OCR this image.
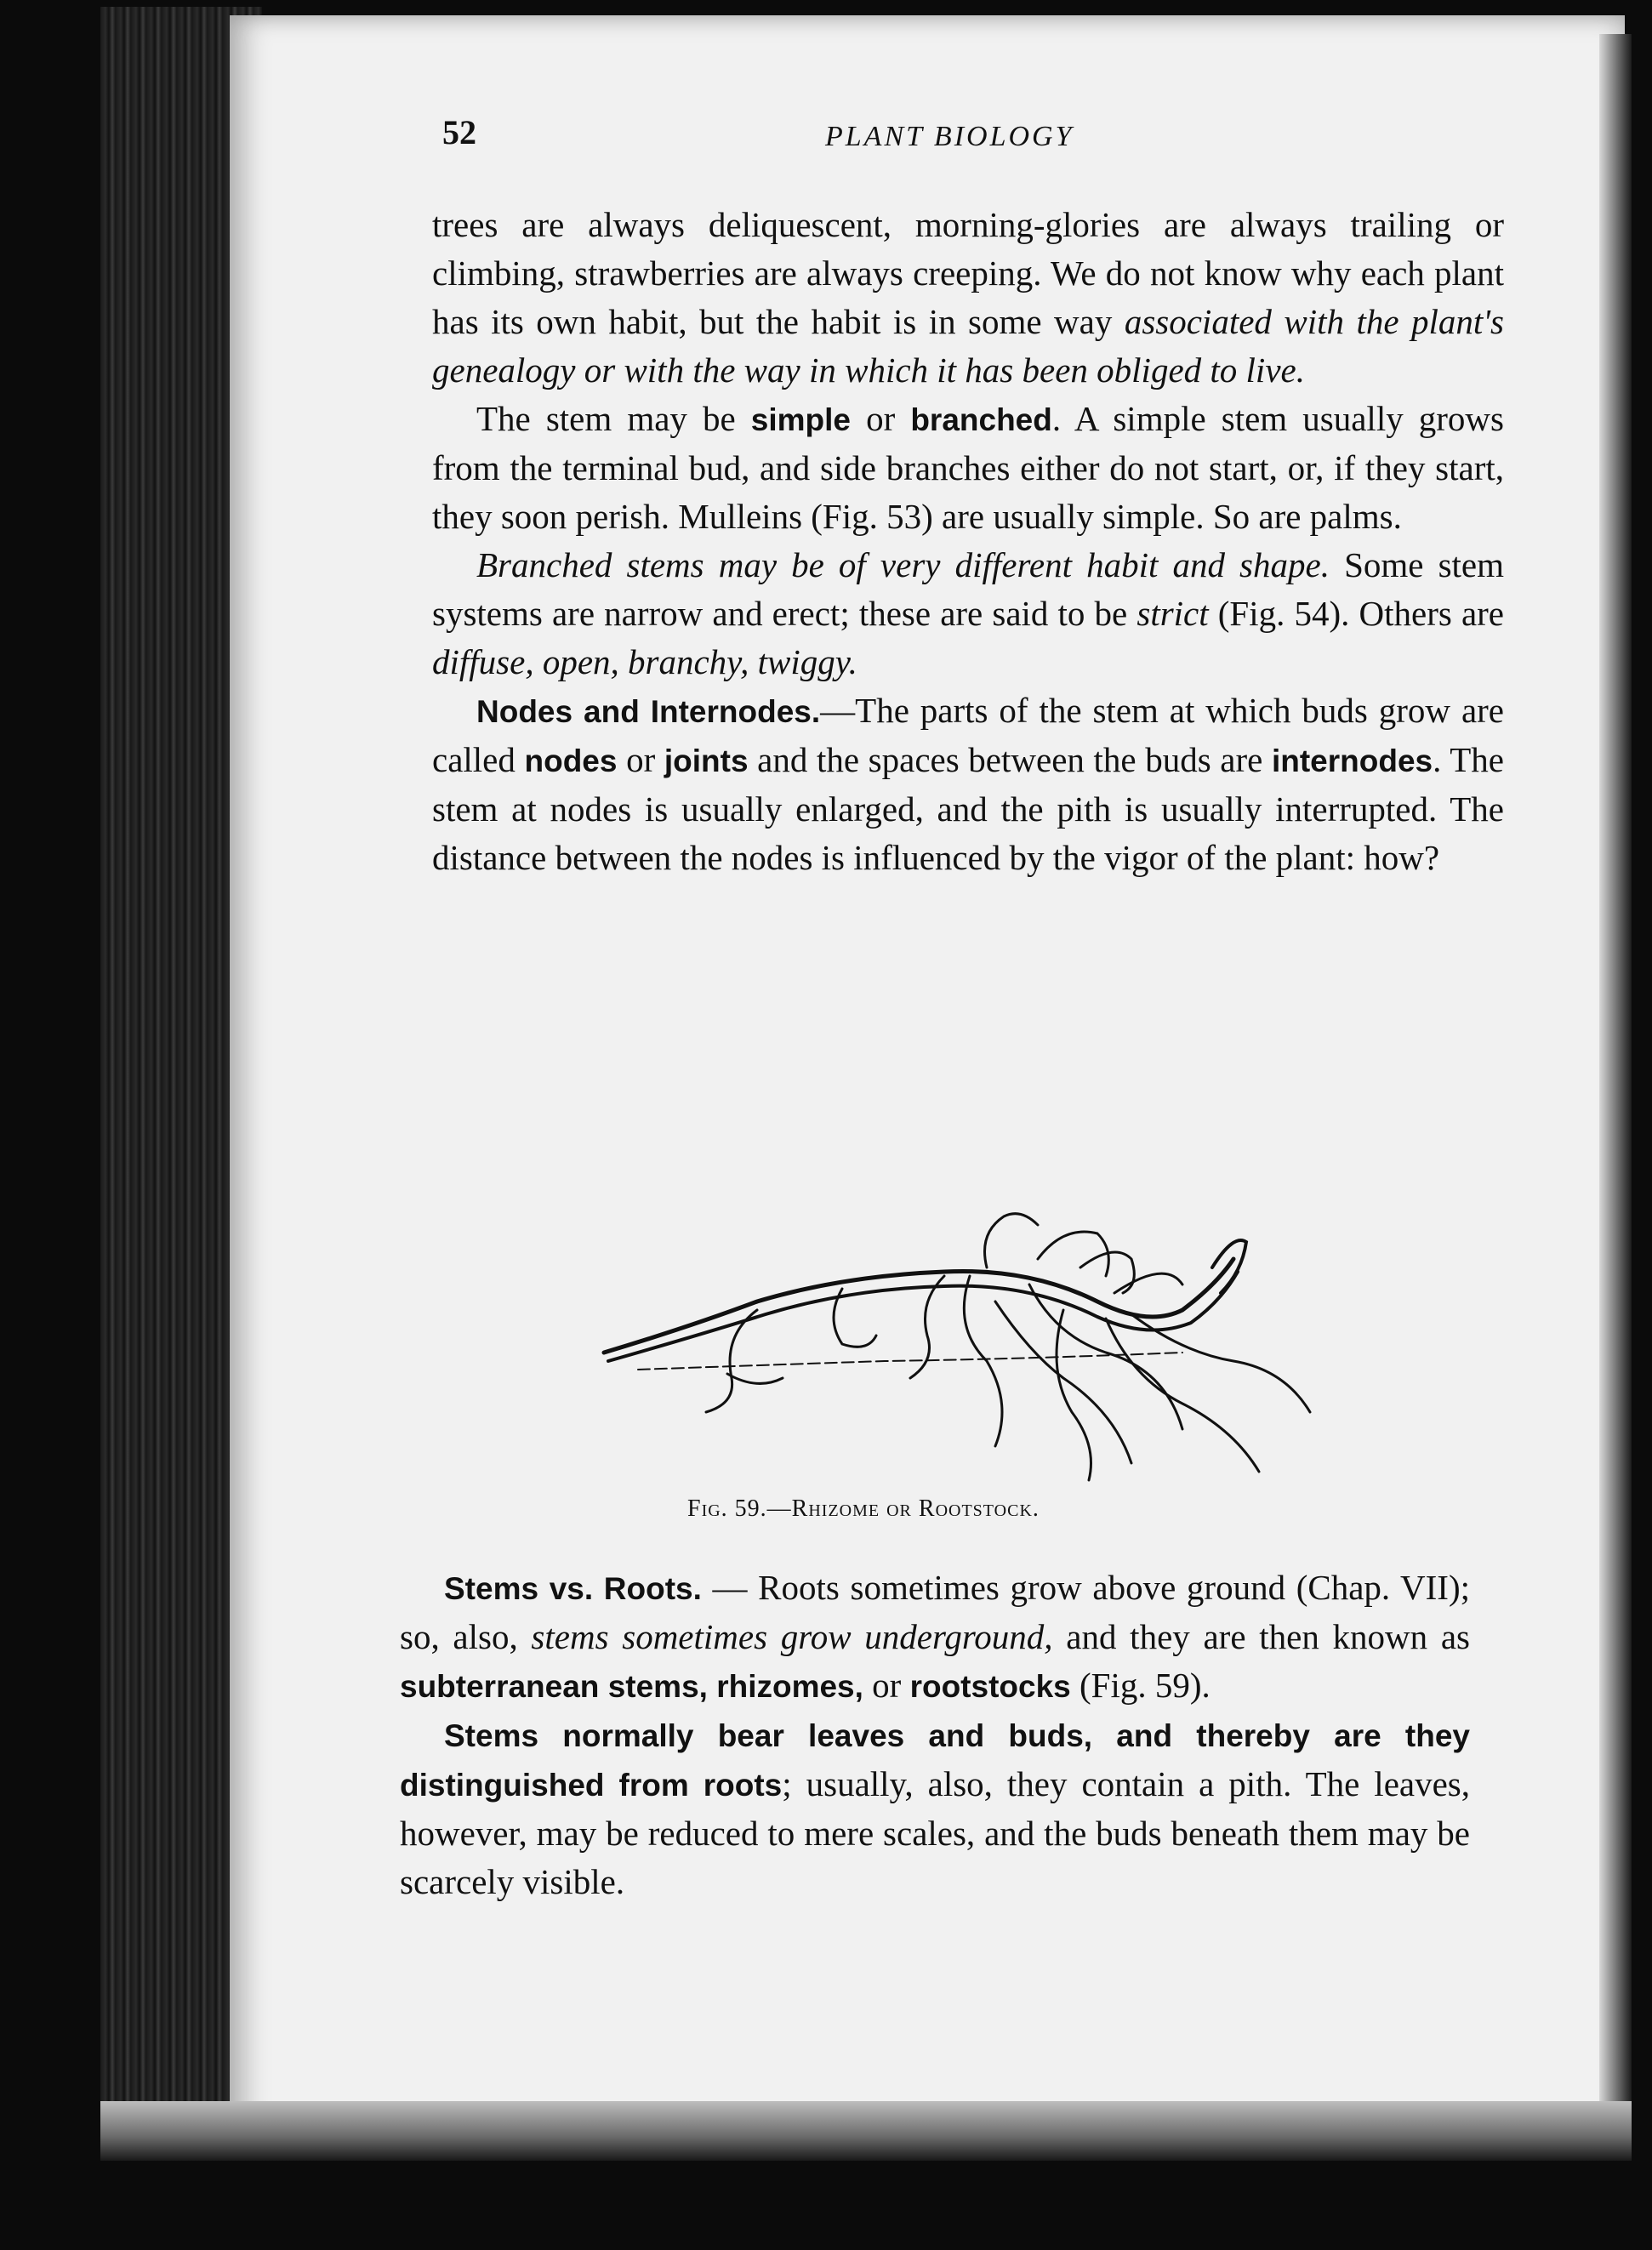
52	PLANT BIOLOGY

trees are always deliquescent, morning-glories are always trailing or climbing, strawberries are always creeping. We do not know why each plant has its own habit, but the habit is in some way associated with the plant's genealogy or with the way in which it has been obliged to live.

The stem may be simple or branched. A simple stem usually grows from the terminal bud, and side branches either do not start, or, if they start, they soon perish. Mulleins (Fig. 53) are usually simple. So are palms.

Branched stems may be of very different habit and shape. Some stem systems are narrow and erect; these are said to be strict (Fig. 54). Others are diffuse, open, branchy, twiggy.

Nodes and Internodes.—The parts of the stem at which buds grow are called nodes or joints and the spaces between the buds are internodes. The stem at nodes is usually enlarged, and the pith is usually interrupted. The distance between the nodes is influenced by the vigor of the plant: how?

Fig. 59.—Rhizome or Rootstock.

Stems vs. Roots. — Roots sometimes grow above ground (Chap. VII); so, also, stems sometimes grow underground, and they are then known as subterranean stems, rhizomes, or rootstocks (Fig. 59).

Stems normally bear leaves and buds, and thereby are they distinguished from roots; usually, also, they contain a pith. The leaves, however, may be reduced to mere scales, and the buds beneath them may be scarcely visible.
